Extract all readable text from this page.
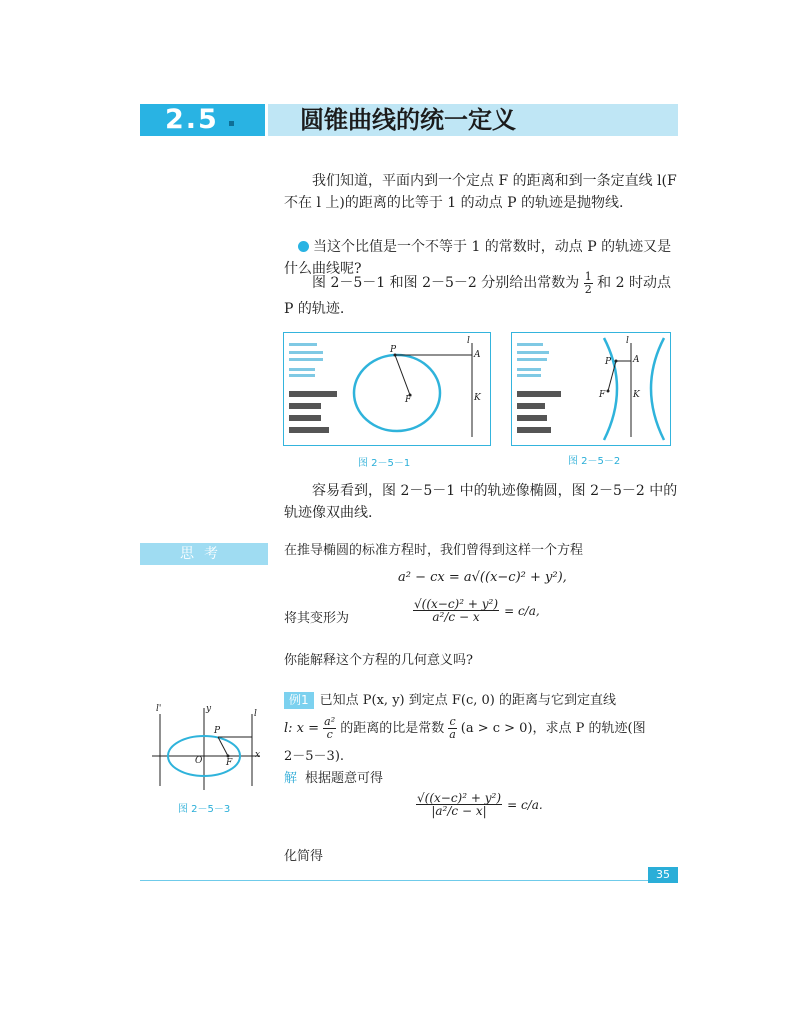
2.5	圆锥曲线的统一定义
我们知道，平面内到一个定点 F 的距离和到一条定直线 l(F 不在 l 上)的距离的比等于 1 的动点 P 的轨迹是抛物线.
当这个比值是一个不等于 1 的常数时，动点 P 的轨迹又是什么曲线呢?
图 2－5－1 和图 2－5－2 分别给出常数为 $\frac{1}{2}$ 和 2 时动点 P 的轨迹.
P	A
F	K
l
图 2－5－1
P A
F	K
l
图 2－5－2
容易看到，图 2－5－1 中的轨迹像椭圆，图 2－5－2 中的轨迹像双曲线.
思考	在推导椭圆的标准方程时，我们曾得到这样一个方程
a² − cx = a√((x−c)² + y²),
将其变形为	$\frac{\text{√((x−c)² + y²)}}{\text{a²/c − x}} = c/a$,
你能解释这个方程的几何意义吗?
l'	y
P
l
O	F
x
图 2－5－3
例1 已知点 P(x, y) 到定点 F(c, 0) 的距离与它到定直线
l: $x = \frac{\text{a²}}{c}$ 的距离的比是常数 $\frac{c}{a} (a > c > 0)$，求点 P 的轨迹(图
2－5－3).
解 根据题意可得
$\frac{\text{√((x−c)² + y²)}}{\text{|a²/c − x|}} = c/a$.
化简得
35
